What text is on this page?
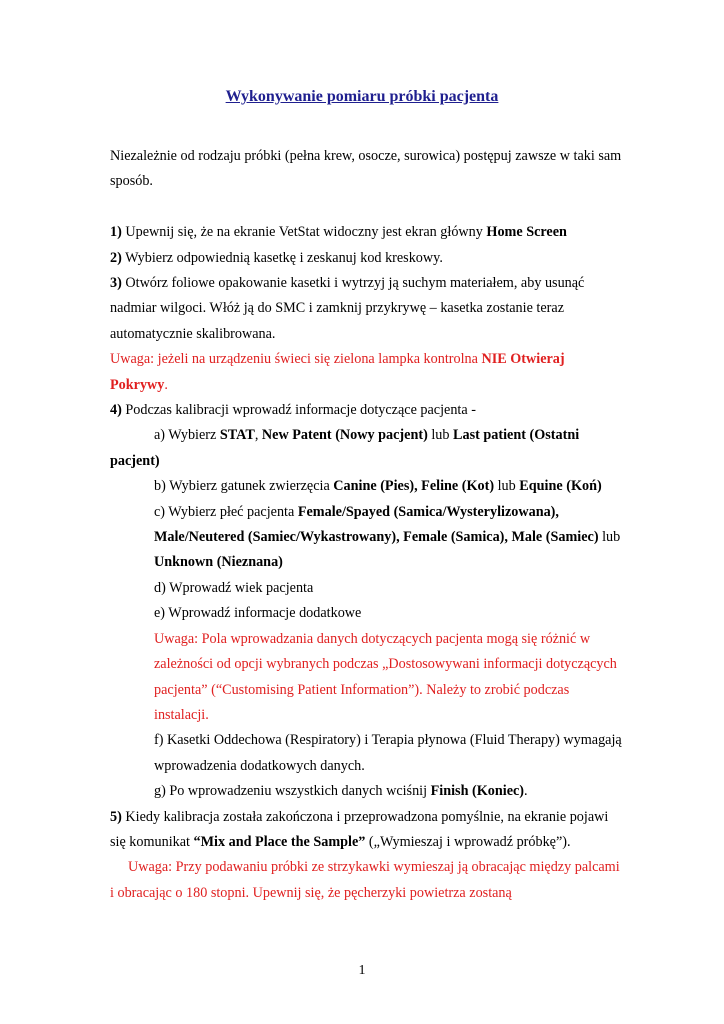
Wykonywanie pomiaru próbki pacjenta

Niezależnie od rodzaju próbki (pełna krew, osocze, surowica) postępuj zawsze w taki sam sposób.

1) Upewnij się, że na ekranie VetStat widoczny jest ekran główny Home Screen

2) Wybierz odpowiednią kasetkę i zeskanuj kod kreskowy.

3) Otwórz foliowe opakowanie kasetki i wytrzyj ją suchym materiałem, aby usunąć nadmiar wilgoci. Włóż ją do SMC i zamknij przykrywę – kasetka zostanie teraz automatycznie skalibrowana.

Uwaga: jeżeli na urządzeniu świeci się zielona lampka kontrolna NIE Otwieraj Pokrywy.

4) Podczas kalibracji wprowadź informacje dotyczące pacjenta -

a) Wybierz STAT, New Patent (Nowy pacjent) lub Last patient (Ostatni pacjent)

b) Wybierz gatunek zwierzęcia Canine (Pies), Feline (Kot) lub Equine (Koń)

c) Wybierz płeć pacjenta Female/Spayed (Samica/Wysterylizowana), Male/Neutered (Samiec/Wykastrowany), Female (Samica), Male (Samiec) lub Unknown (Nieznana)

d) Wprowadź wiek pacjenta

e) Wprowadź informacje dodatkowe

Uwaga: Pola wprowadzania danych dotyczących pacjenta mogą się różnić w zależności od opcji wybranych podczas „Dostosowywani informacji dotyczących pacjenta” (“Customising Patient Information”). Należy to zrobić podczas instalacji.

f) Kasetki Oddechowa (Respiratory) i Terapia płynowa (Fluid Therapy) wymagają wprowadzenia dodatkowych danych.

g) Po wprowadzeniu wszystkich danych wciśnij Finish (Koniec).

5) Kiedy kalibracja została zakończona i przeprowadzona pomyślnie, na ekranie pojawi się komunikat “Mix and Place the Sample” („Wymieszaj i wprowadź próbkę”).

Uwaga: Przy podawaniu próbki ze strzykawki wymieszaj ją obracając między palcami i obracając o 180 stopni. Upewnij się, że pęcherzyki powietrza zostaną

1
